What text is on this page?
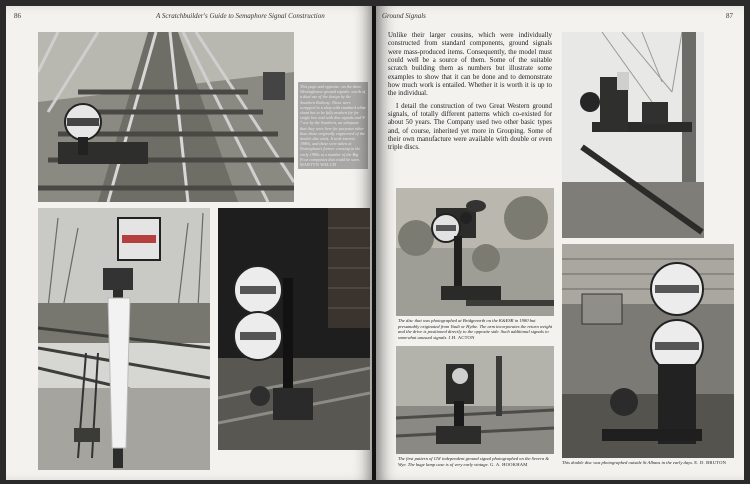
86	A Scratchbuilder's Guide to Semaphore Signal Construction
This page and opposite: on the three Westinghouse ground signals: worth of a dual use of the design by the Southern Railway. These were scrapped in a shop with standard white shunt but to be fully modern for for single line and with disc signals and Y-7 use by the Southern, an adequate that they were here for purposes other than those originally engineered of the double disc units. It took interest 1980s, and these were taken at Nottingham's former crossing in the early 1980s at a number of the Big Four companies that could be seen. MARTYN WELCH
Ground Signals	87

Unlike their larger cousins, which were individually constructed from standard components, ground signals were mass-produced items. Consequently, the model must could well be a source of them. Some of the suitable scratch building them as numbers but illustrate some examples to show that it can be done and to demonstrate how much work is entailed. Whether it is worth it is up to the individual.

I detail the construction of two Great Western ground signals, of totally different patterns which co-existed for about 50 years. The Company used two other basic types and, of course, inherited yet more in Grouping. Some of their own manufacture were available with double or even triple discs.

The disc that was photographed at Bridgenorth on the K&ESR in 1980 but presumably originated from Vault or Hythe. The arm incorporates the return weight and the drive is positioned directly to the opposite side. Such additional signals to somewhat unusual signals. J.H. ACTON
The first pattern of GW independent ground signal photographed on the Severn & Wye. The huge lamp case is of very early vintage. G. A. HOOKHAM	This double disc was photographed outside St Albans in the early days. E. D. BRUTON
